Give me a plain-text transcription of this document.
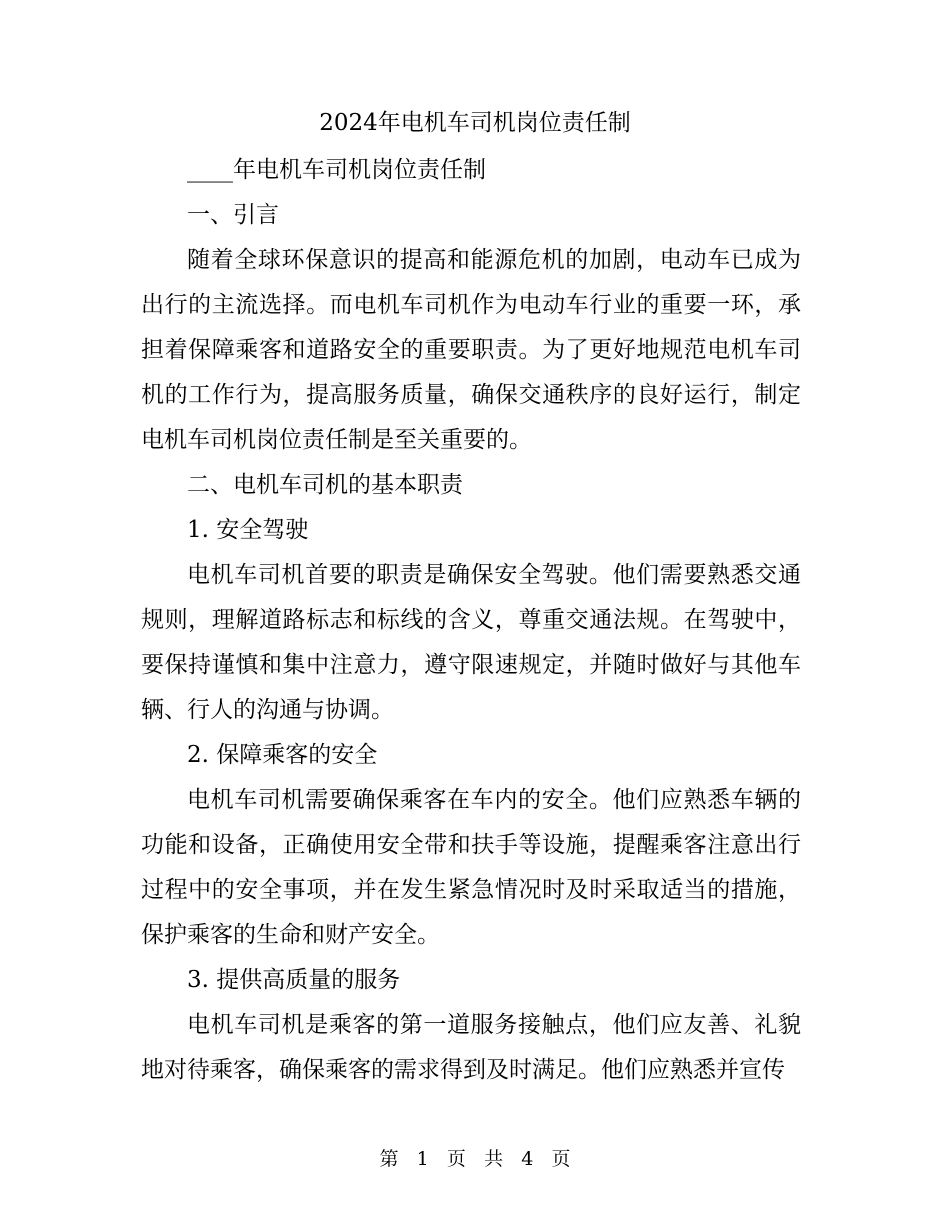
2024年电机车司机岗位责任制

____年电机车司机岗位责任制

一、引言

随着全球环保意识的提高和能源危机的加剧，电动车已成为出行的主流选择。而电机车司机作为电动车行业的重要一环，承担着保障乘客和道路安全的重要职责。为了更好地规范电机车司机的工作行为，提高服务质量，确保交通秩序的良好运行，制定电机车司机岗位责任制是至关重要的。

二、电机车司机的基本职责

1. 安全驾驶

电机车司机首要的职责是确保安全驾驶。他们需要熟悉交通规则，理解道路标志和标线的含义，尊重交通法规。在驾驶中，要保持谨慎和集中注意力，遵守限速规定，并随时做好与其他车辆、行人的沟通与协调。

2. 保障乘客的安全

电机车司机需要确保乘客在车内的安全。他们应熟悉车辆的功能和设备，正确使用安全带和扶手等设施，提醒乘客注意出行过程中的安全事项，并在发生紧急情况时及时采取适当的措施，保护乘客的生命和财产安全。

3. 提供高质量的服务

电机车司机是乘客的第一道服务接触点，他们应友善、礼貌地对待乘客，确保乘客的需求得到及时满足。他们应熟悉并宣传

第 1 页 共 4 页
